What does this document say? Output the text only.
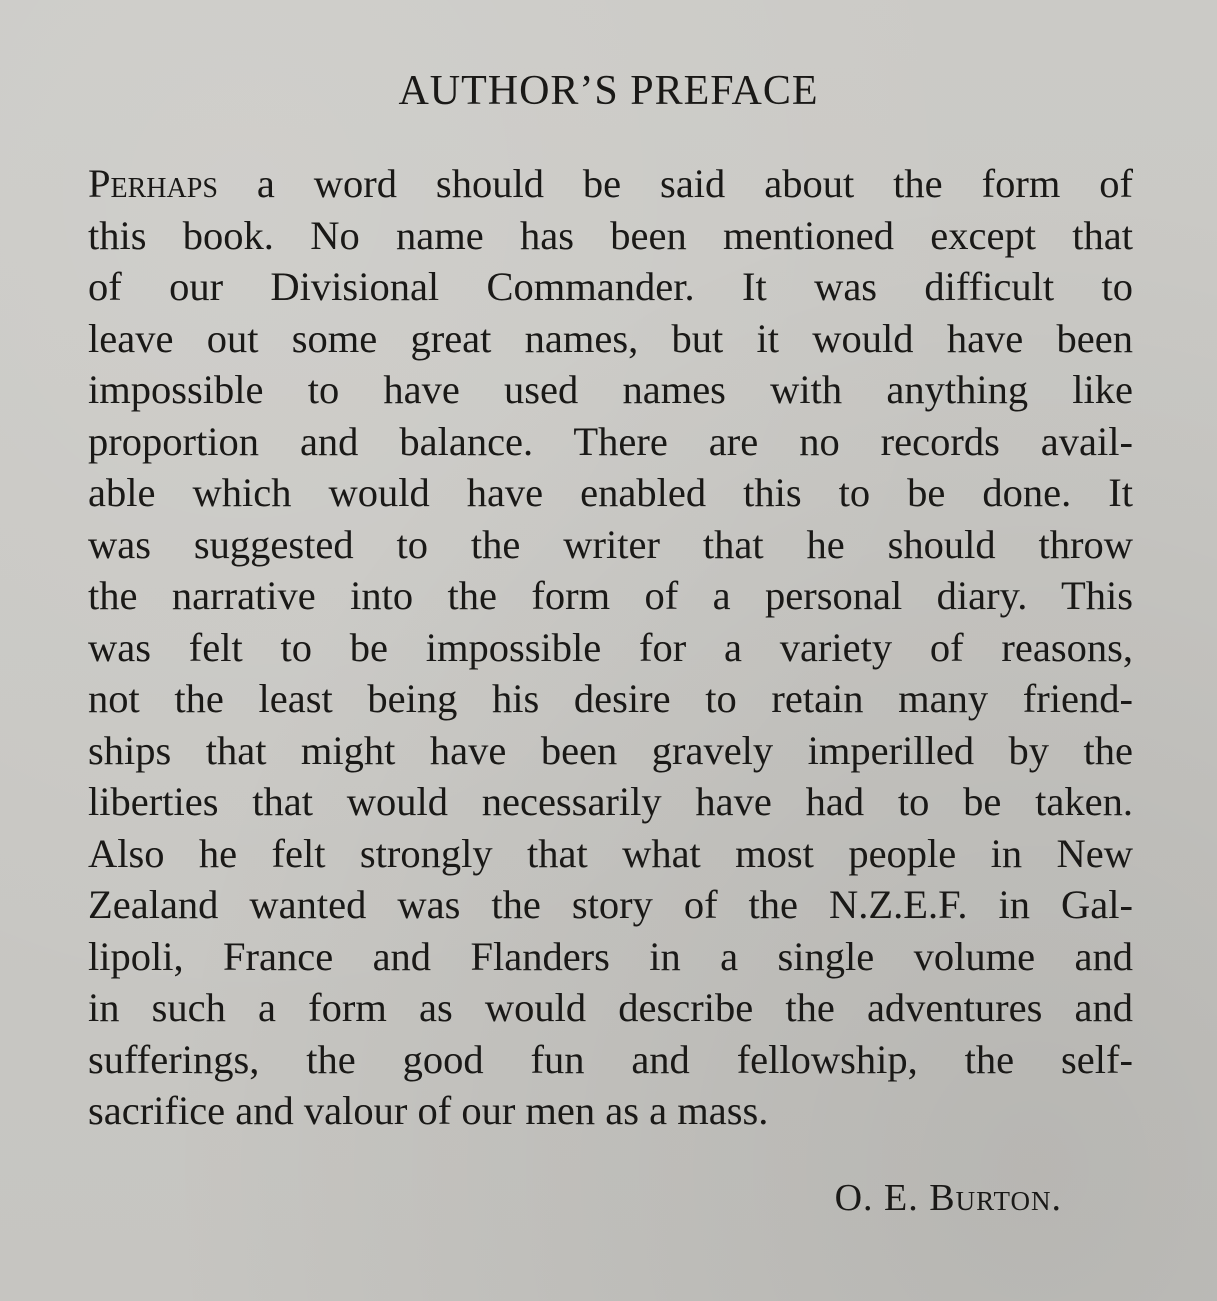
AUTHOR’S PREFACE
Perhaps a word should be said about the form of
this book. No name has been mentioned except that
of our Divisional Commander. It was difficult to
leave out some great names, but it would have been
impossible to have used names with anything like
proportion and balance. There are no records avail-
able which would have enabled this to be done. It
was suggested to the writer that he should throw
the narrative into the form of a personal diary. This
was felt to be impossible for a variety of reasons,
not the least being his desire to retain many friend-
ships that might have been gravely imperilled by the
liberties that would necessarily have had to be taken.
Also he felt strongly that what most people in New
Zealand wanted was the story of the N.Z.E.F. in Gal-
lipoli, France and Flanders in a single volume and
in such a form as would describe the adventures and
sufferings, the good fun and fellowship, the self-
sacrifice and valour of our men as a mass.
O. E. Burton.
